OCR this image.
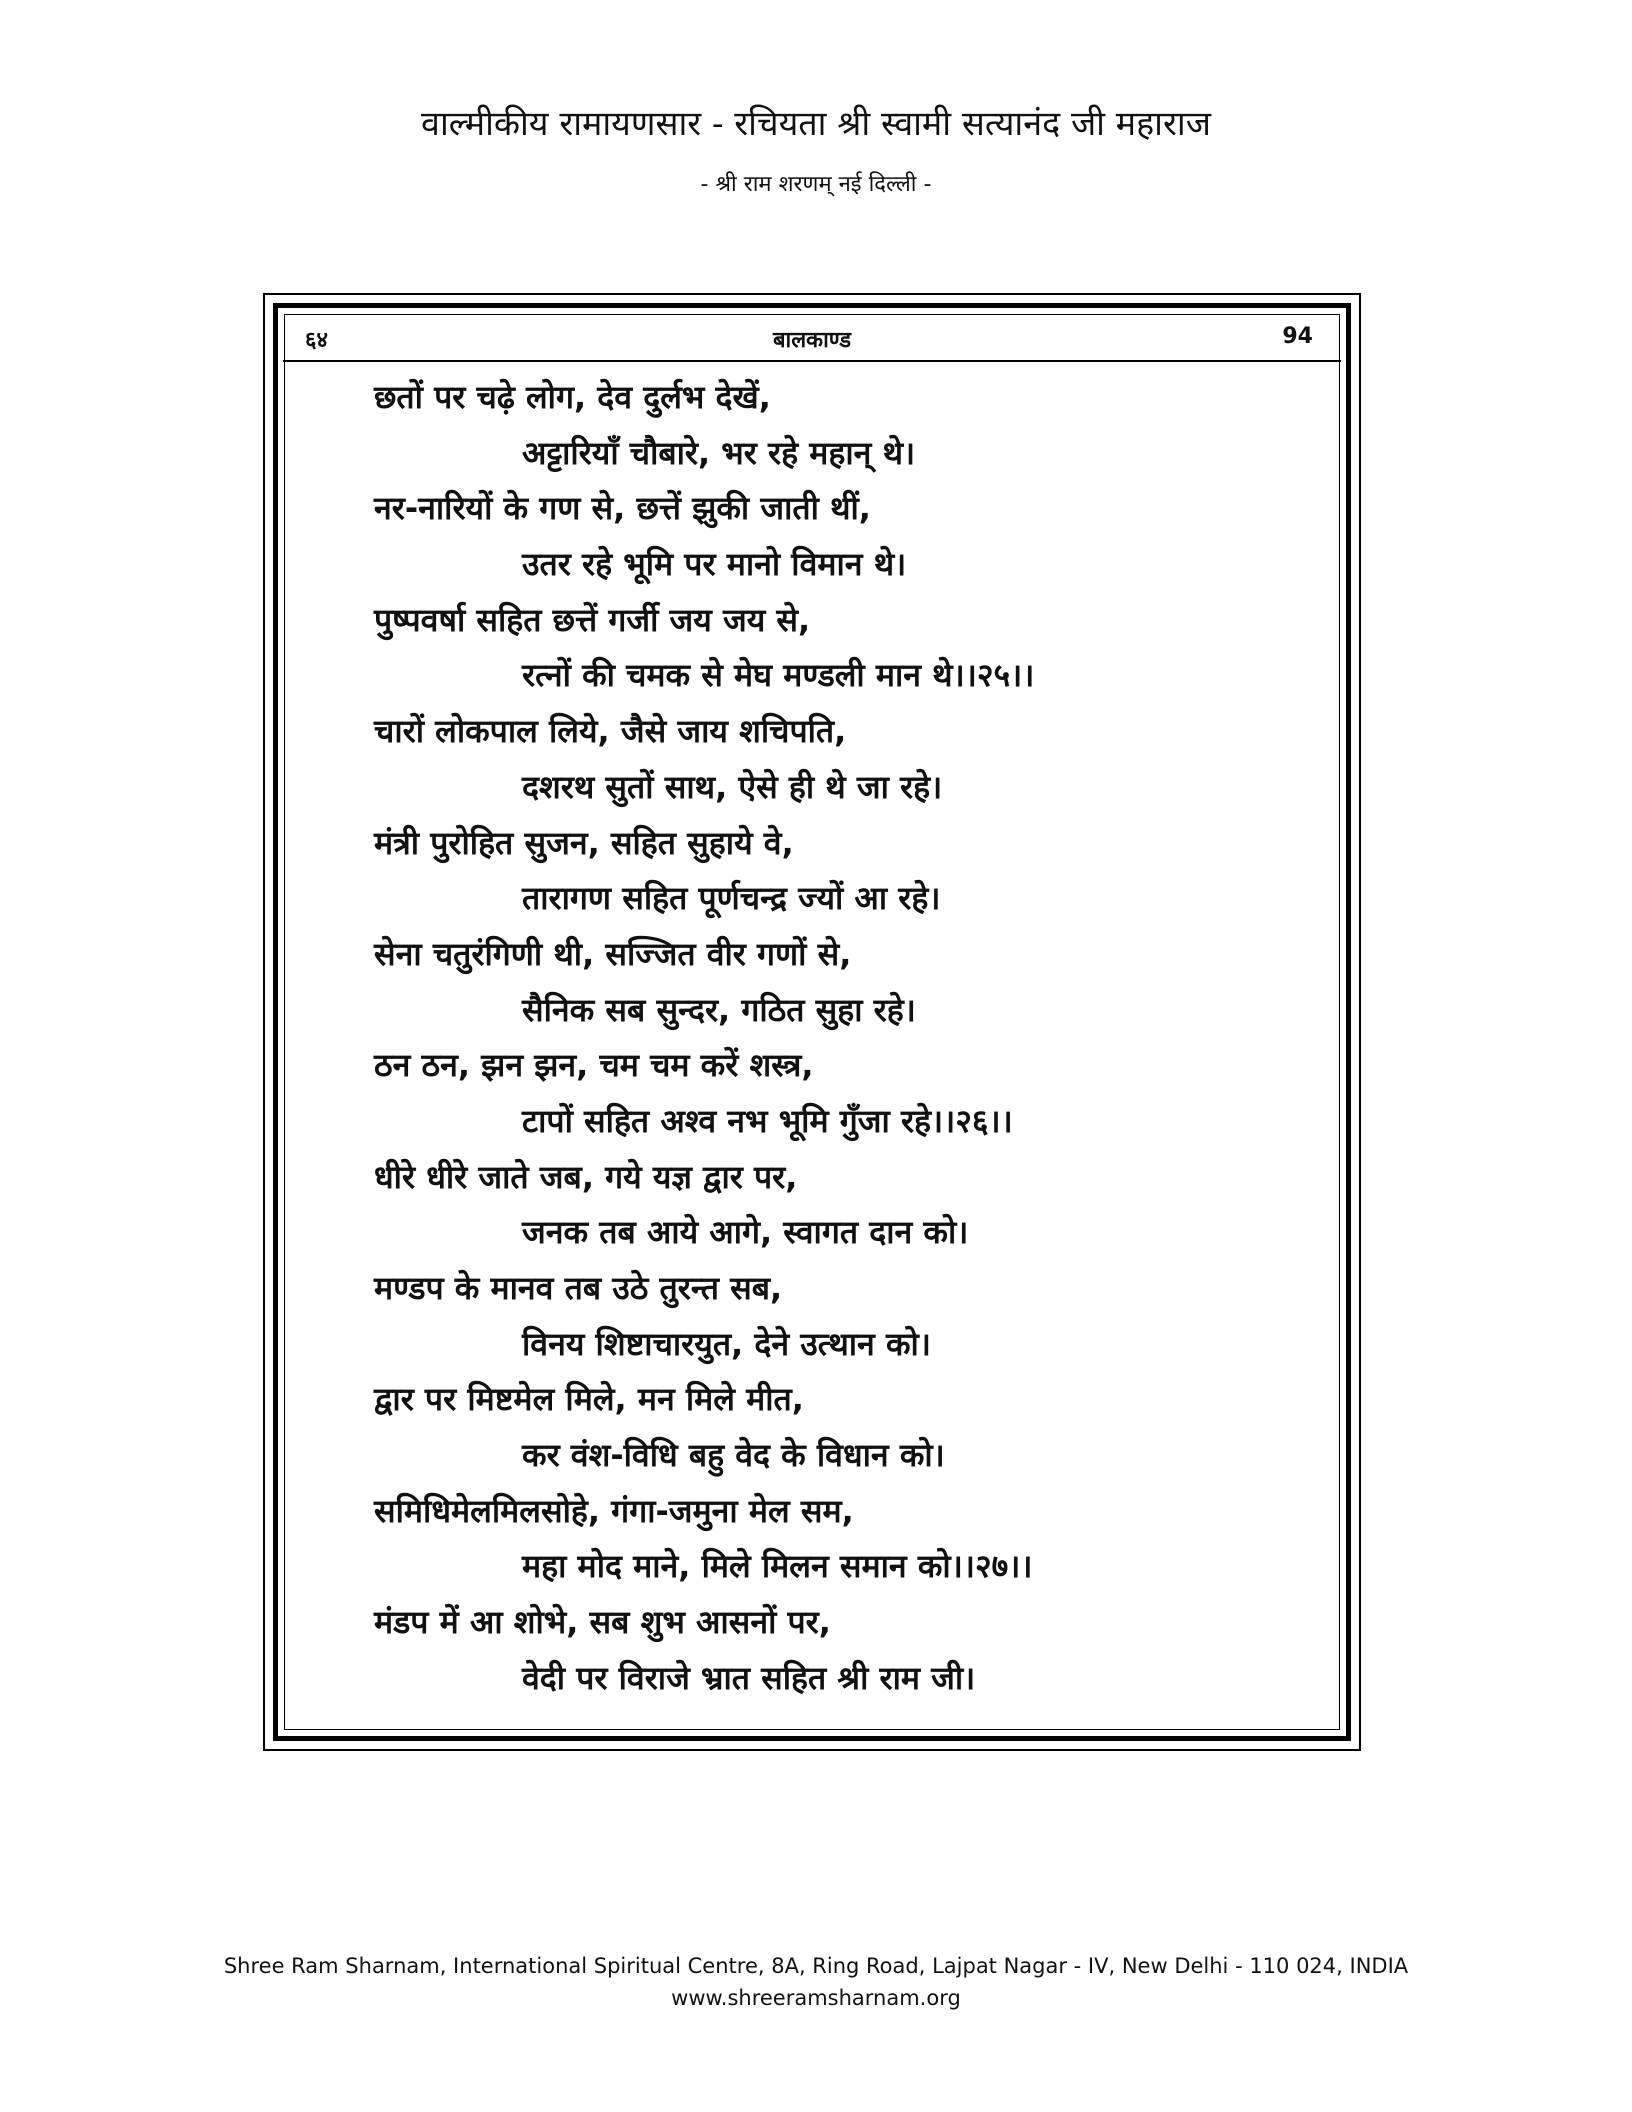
वाल्मीकीय रामायणसार - रचियता श्री स्वामी सत्यानंद जी महाराज
- श्री राम शरणम् नई दिल्ली -
६४	बालकाण्ड	94
छतों पर चढ़े लोग, देव दुर्लभ देखें,
अट्टारियाँ चौबारे, भर रहे महान् थे।
नर-नारियों के गण से, छत्तें झुकी जाती थीं,
उतर रहे भूमि पर मानो विमान थे।
पुष्पवर्षा सहित छत्तें गर्जी जय जय से,
रत्नों की चमक से मेघ मण्डली मान थे।।२५।।
चारों लोकपाल लिये, जैसे जाय शचिपति,
दशरथ सुतों साथ, ऐसे ही थे जा रहे।
मंत्री पुरोहित सुजन, सहित सुहाये वे,
तारागण सहित पूर्णचन्द्र ज्यों आ रहे।
सेना चतुरंगिणी थी, सज्जित वीर गणों से,
सैनिक सब सुन्दर, गठित सुहा रहे।
ठन ठन, झन झन, चम चम करें शस्त्र,
टापों सहित अश्व नभ भूमि गुँजा रहे।।२६।।
धीरे धीरे जाते जब, गये यज्ञ द्वार पर,
जनक तब आये आगे, स्वागत दान को।
मण्डप के मानव तब उठे तुरन्त सब,
विनय शिष्टाचारयुत, देने उत्थान को।
द्वार पर मिष्टमेल मिले, मन मिले मीत,
कर वंश-विधि बहु वेद के विधान को।
समिधिमेलमिलसोहे, गंगा-जमुना मेल सम,
महा मोद माने, मिले मिलन समान को।।२७।।
मंडप में आ शोभे, सब शुभ आसनों पर,
वेदी पर विराजे भ्रात सहित श्री राम जी।
Shree Ram Sharnam, International Spiritual Centre, 8A, Ring Road, Lajpat Nagar - IV, New Delhi - 110 024, INDIA
www.shreeramsharnam.org
